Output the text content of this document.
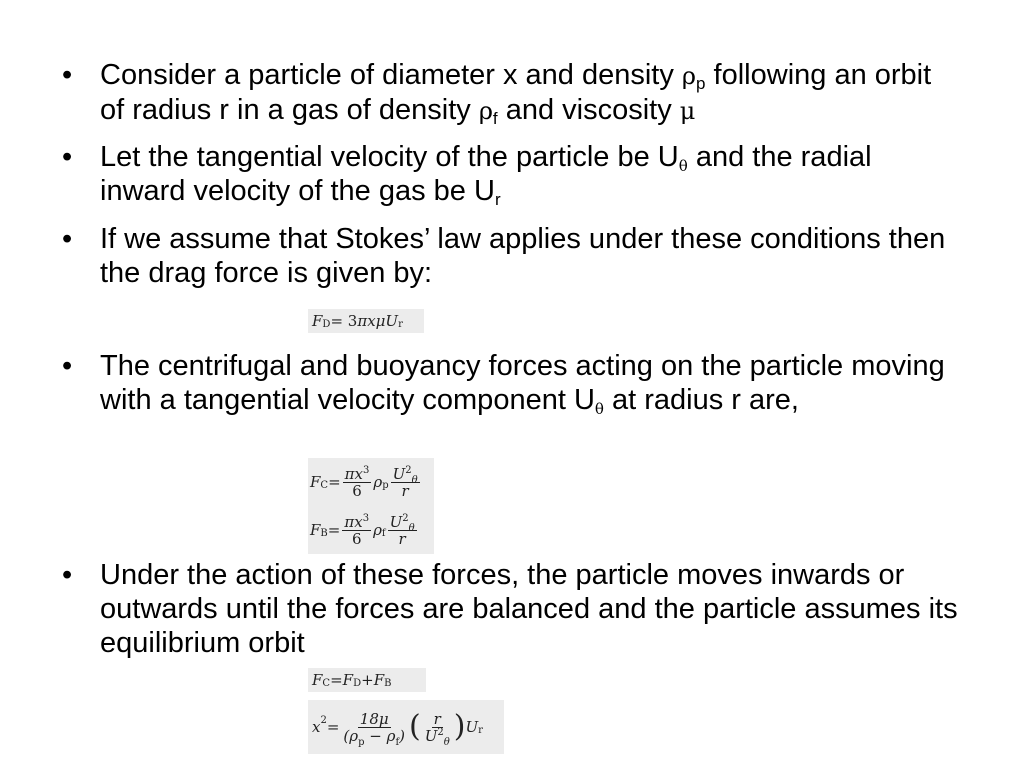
• Consider a particle of diameter x and density $\rho_p$ following an orbit of radius r in a gas of density $\rho_f$ and viscosity μ
• Let the tangential velocity of the particle be $U_\theta$ and the radial inward velocity of the gas be $U_r$
• If we assume that Stokes’ law applies under these conditions then the drag force is given by:
$F_D = 3$ π x μ $U_r$
• The centrifugal and buoyancy forces acting on the particle moving with a tangential velocity component $U_\theta$ at radius r are,
$F_C = \frac{\pi x^3}{6} \rho_p \frac{U^2_\theta}{r}$
$F_B = \frac{\pi x^3}{6} \rho_f \frac{U^2_\theta}{r}$
• Under the action of these forces, the particle moves inwards or outwards until the forces are balanced and the particle assumes its equilibrium orbit
$F_C = F_D + F_B$
$x^2 = \frac{18\mu}{(\rho_p - \rho_f)}$ ( $\frac{r}{U^2_\theta}$ ) $U_r$
